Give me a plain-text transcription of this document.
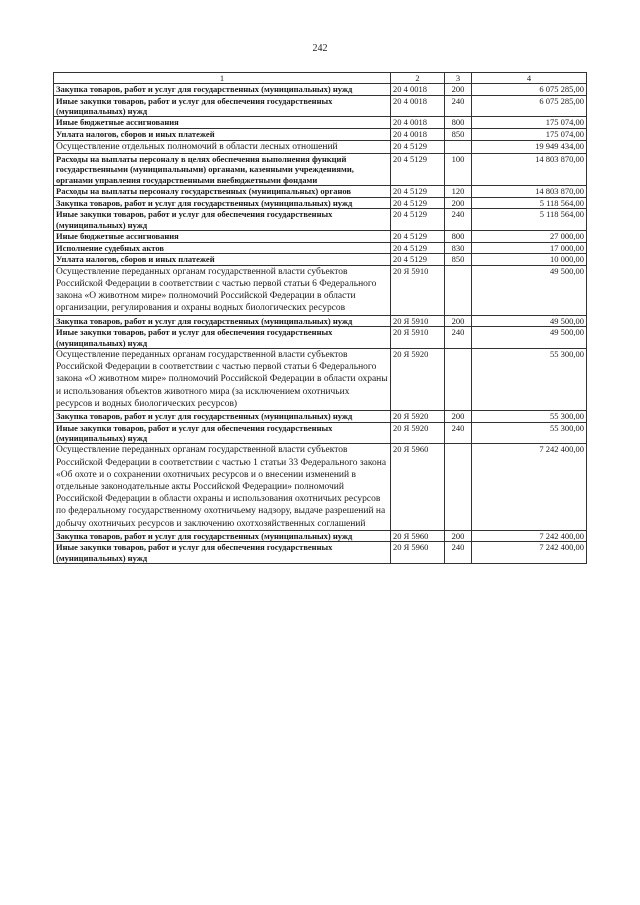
242
1	2	3	4
Закупка товаров, работ и услуг для государственных (муниципальных) нужд	20 4 0018	200	6 075 285,00
Иные закупки товаров, работ и услуг для обеспечения государственных (муниципальных) нужд	20 4 0018	240	6 075 285,00
Иные бюджетные ассигнования	20 4 0018	800	175 074,00
Уплата налогов, сборов и иных платежей	20 4 0018	850	175 074,00
Осуществление отдельных полномочий в области лесных отношений	20 4 5129		19 949 434,00
Расходы на выплаты персоналу в целях обеспечения выполнения функций государственными (муниципальными) органами, казенными учреждениями, органами управления государственными внебюджетными фондами	20 4 5129	100	14 803 870,00
Расходы на выплаты персоналу государственных (муниципальных) органов	20 4 5129	120	14 803 870,00
Закупка товаров, работ и услуг для государственных (муниципальных) нужд	20 4 5129	200	5 118 564,00
Иные закупки товаров, работ и услуг для обеспечения государственных (муниципальных) нужд	20 4 5129	240	5 118 564,00
Иные бюджетные ассигнования	20 4 5129	800	27 000,00
Исполнение судебных актов	20 4 5129	830	17 000,00
Уплата налогов, сборов и иных платежей	20 4 5129	850	10 000,00
Осуществление переданных органам государственной власти субъектов Российской Федерации в соответствии с частью первой статьи 6 Федерального закона «О животном мире» полномочий Российской Федерации в области организации, регулирования и охраны водных биологических ресурсов	20 Я 5910		49 500,00
Закупка товаров, работ и услуг для государственных (муниципальных) нужд	20 Я 5910	200	49 500,00
Иные закупки товаров, работ и услуг для обеспечения государственных (муниципальных) нужд	20 Я 5910	240	49 500,00
Осуществление переданных органам государственной власти субъектов Российской Федерации в соответствии с частью первой статьи 6 Федерального закона «О животном мире» полномочий Российской Федерации в области охраны и использования объектов животного мира (за исключением охотничьих ресурсов и водных биологических ресурсов)	20 Я 5920		55 300,00
Закупка товаров, работ и услуг для государственных (муниципальных) нужд	20 Я 5920	200	55 300,00
Иные закупки товаров, работ и услуг для обеспечения государственных (муниципальных) нужд	20 Я 5920	240	55 300,00
Осуществление переданных органам государственной власти субъектов Российской Федерации в соответствии с частью 1 статьи 33 Федерального закона «Об охоте и о сохранении охотничьих ресурсов и о внесении изменений в отдельные законодательные акты Российской Федерации» полномочий Российской Федерации в области охраны и использования охотничьих ресурсов по федеральному государственному охотничьему надзору, выдаче разрешений на добычу охотничьих ресурсов и заключению охотхозяйственных соглашений	20 Я 5960		7 242 400,00
Закупка товаров, работ и услуг для государственных (муниципальных) нужд	20 Я 5960	200	7 242 400,00
Иные закупки товаров, работ и услуг для обеспечения государственных (муниципальных) нужд	20 Я 5960	240	7 242 400,00
